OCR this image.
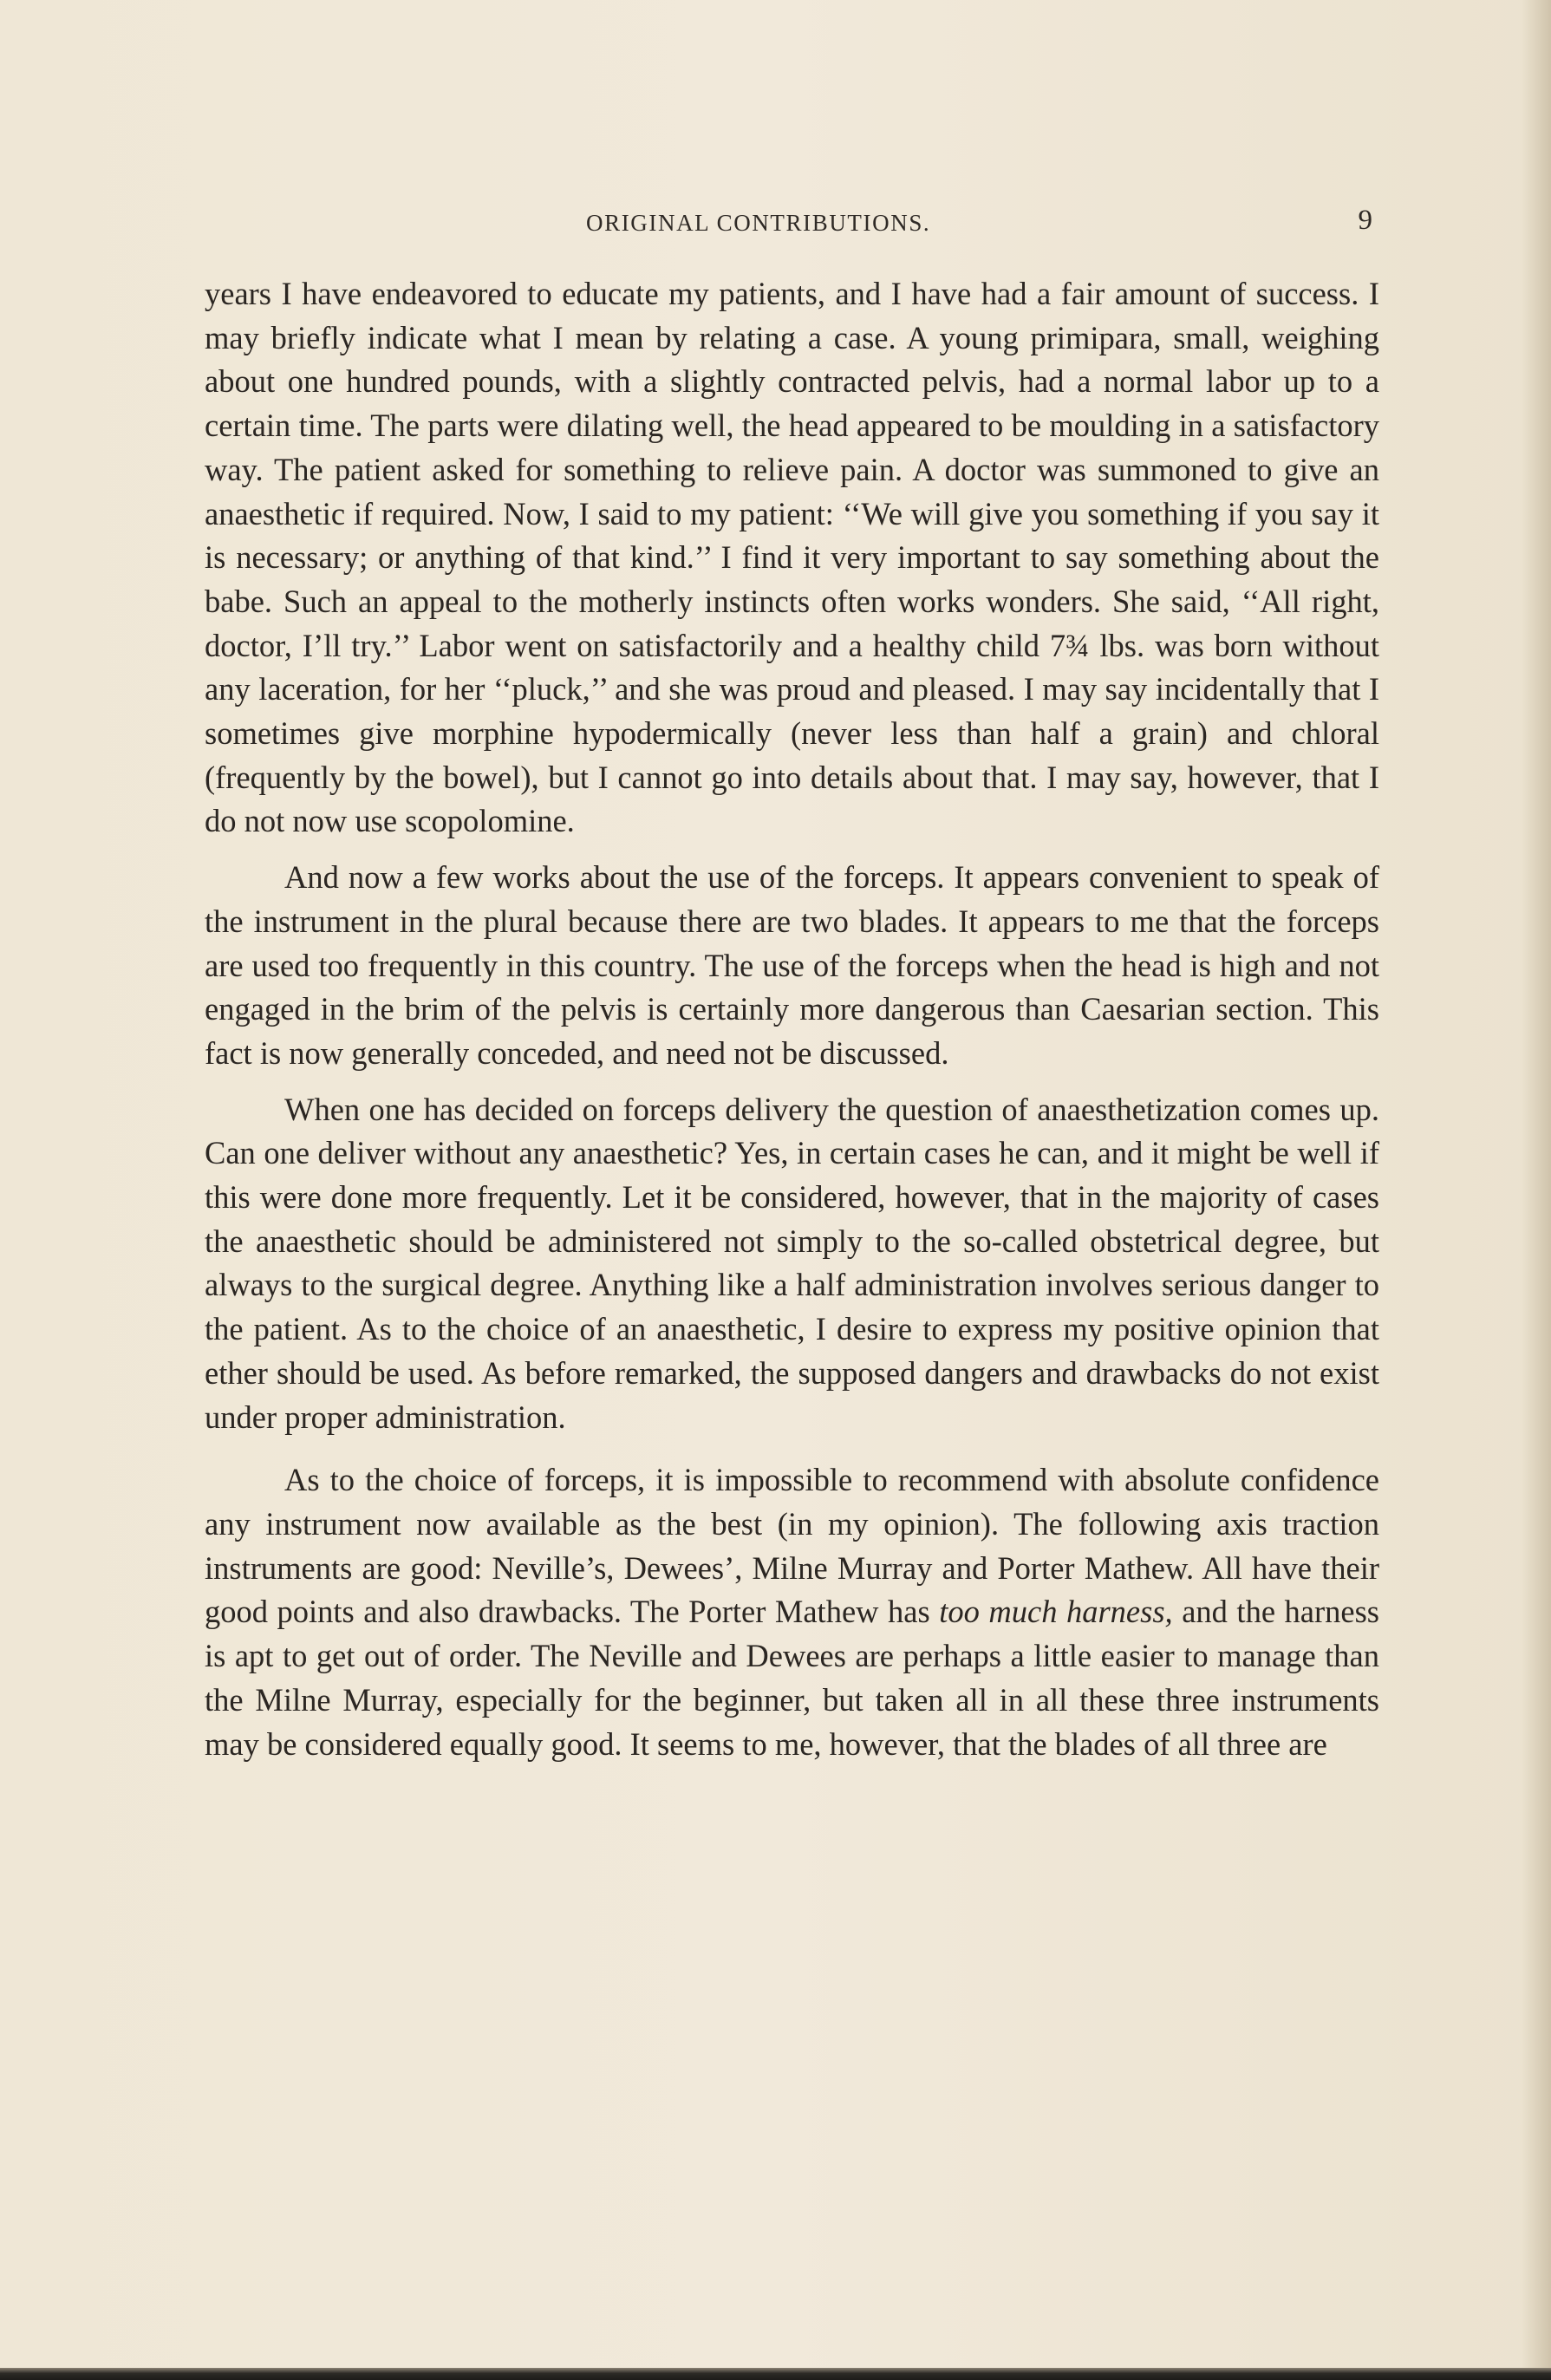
ORIGINAL CONTRIBUTIONS.	9

years I have endeavored to educate my patients, and I have had a fair amount of success. I may briefly indicate what I mean by relating a case. A young primipara, small, weighing about one hundred pounds, with a slightly contracted pelvis, had a normal labor up to a certain time. The parts were dilating well, the head appeared to be moulding in a satisfactory way. The patient asked for something to relieve pain. A doctor was summoned to give an anaesthetic if required. Now, I said to my patient: ‘‘We will give you something if you say it is necessary; or anything of that kind.’’ I find it very important to say something about the babe. Such an appeal to the motherly instincts often works wonders. She said, ‘‘All right, doctor, I’ll try.’’ Labor went on satisfactorily and a healthy child 7¾ lbs. was born without any laceration, for her ‘‘pluck,’’ and she was proud and pleased. I may say incidentally that I sometimes give morphine hypodermically (never less than half a grain) and chloral (frequently by the bowel), but I cannot go into details about that. I may say, however, that I do not now use scopolomine.

And now a few works about the use of the forceps. It appears convenient to speak of the instrument in the plural because there are two blades. It appears to me that the forceps are used too frequently in this country. The use of the forceps when the head is high and not engaged in the brim of the pelvis is certainly more dangerous than Caesarian section. This fact is now generally conceded, and need not be discussed.

When one has decided on forceps delivery the question of anaesthetization comes up. Can one deliver without any anaesthetic? Yes, in certain cases he can, and it might be well if this were done more frequently. Let it be considered, however, that in the majority of cases the anaesthetic should be administered not simply to the so-called obstetrical degree, but always to the surgical degree. Anything like a half administration involves serious danger to the patient. As to the choice of an anaesthetic, I desire to express my positive opinion that ether should be used. As before remarked, the supposed dangers and drawbacks do not exist under proper administration.

As to the choice of forceps, it is impossible to recommend with absolute confidence any instrument now available as the best (in my opinion). The following axis traction instruments are good: Neville’s, Dewees’, Milne Murray and Porter Mathew. All have their good points and also drawbacks. The Porter Mathew has too much harness, and the harness is apt to get out of order. The Neville and Dewees are perhaps a little easier to manage than the Milne Murray, especially for the beginner, but taken all in all these three instruments may be considered equally good. It seems to me, however, that the blades of all three are
